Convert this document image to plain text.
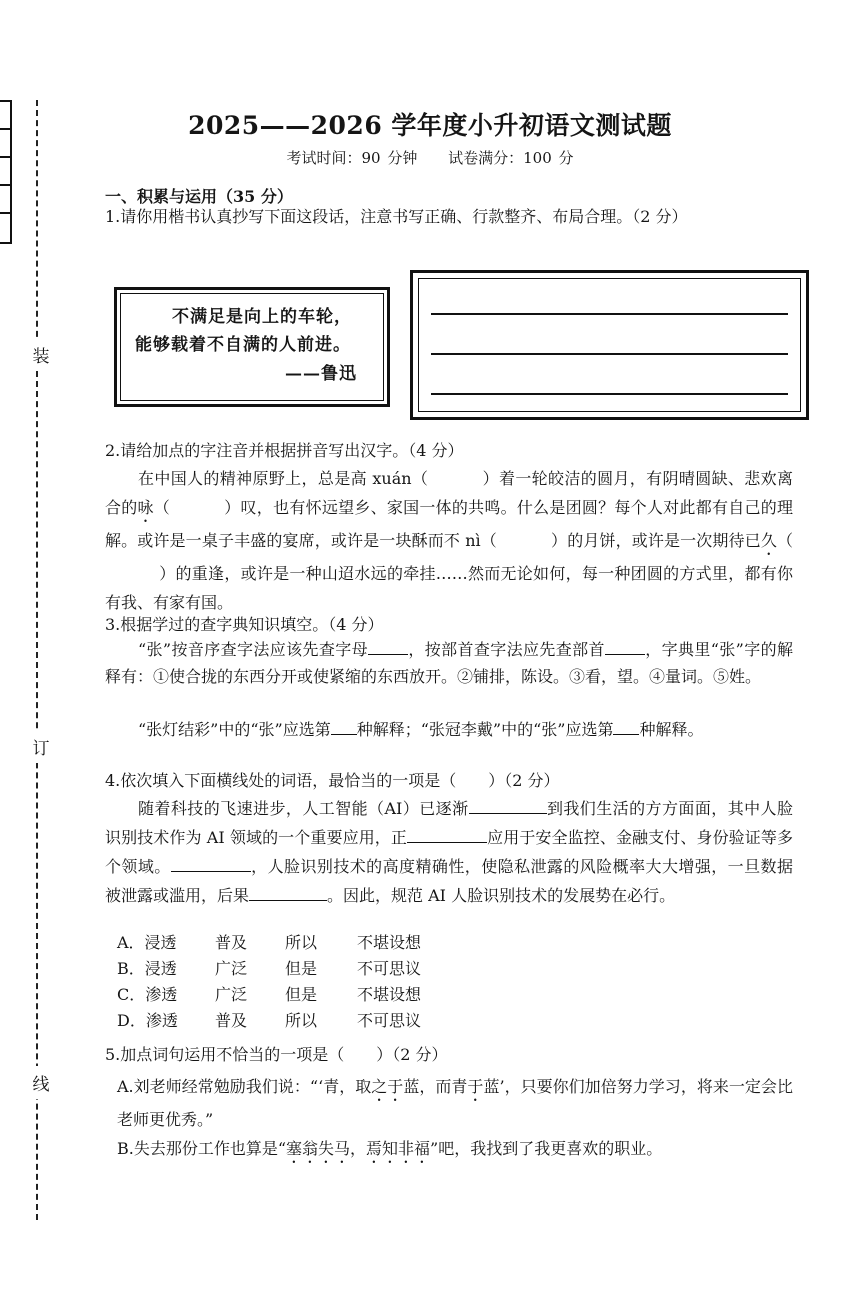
装
订
线
2025——2026 学年度小升初语文测试题
考试时间：90 分钟 试卷满分：100 分
一、积累与运用（35 分）
1.请你用楷书认真抄写下面这段话，注意书写正确、行款整齐、布局合理。（2 分）
不满足是向上的车轮，
能够载着不自满的人前进。
——鲁迅
2.请给加点的字注音并根据拼音写出汉字。（4 分）
在中国人的精神原野上，总是高 xuán（	）着一轮皎洁的圆月，有阴晴圆缺、悲欢离合的咏（	）叹，也有怀远望乡、家国一体的共鸣。什么是团圆？每个人对此都有自己的理解。或许是一桌子丰盛的宴席，或许是一块酥而不 nì（	）的月饼，或许是一次期待已久（）的重逢，或许是一种山迢水远的牵挂……然而无论如何，每一种团圆的方式里，都有你有我、有家有国。
3.根据学过的查字典知识填空。（4 分）
“张”按音序查字法应该先查字母	，按部首查字法应先查部首	，字典里“张”字的解释有：①使合拢的东西分开或使紧缩的东西放开。②铺排，陈设。③看，望。④量词。⑤姓。
“张灯结彩”中的“张”应选第 种解释；“张冠李戴”中的“张”应选第 种解释。
4.依次填入下面横线处的词语，最恰当的一项是（　　）（2 分）
随着科技的飞速进步，人工智能（AI）已逐渐	到我们生活的方方面面，其中人脸识别技术作为 AI 领域的一个重要应用，正	应用于安全监控、金融支付、身份验证等多个领域。	，人脸识别技术的高度精确性，使隐私泄露的风险概率大大增强，一旦数据被泄露或滥用，后果	。因此，规范 AI 人脸识别技术的发展势在必行。
A．浸透 普及 所以 不堪设想
B．浸透 广泛 但是 不可思议
C．渗透 广泛 但是 不堪设想
D．渗透 普及 所以 不可思议
5.加点词句运用不恰当的一项是（　　）（2 分）
A.刘老师经常勉励我们说：“‘青，取之于蓝，而青于蓝’，只要你们加倍努力学习，将来一定会比老师更优秀。”
B.失去那份工作也算是“塞翁失马，焉知非福”吧，我找到了我更喜欢的职业。
